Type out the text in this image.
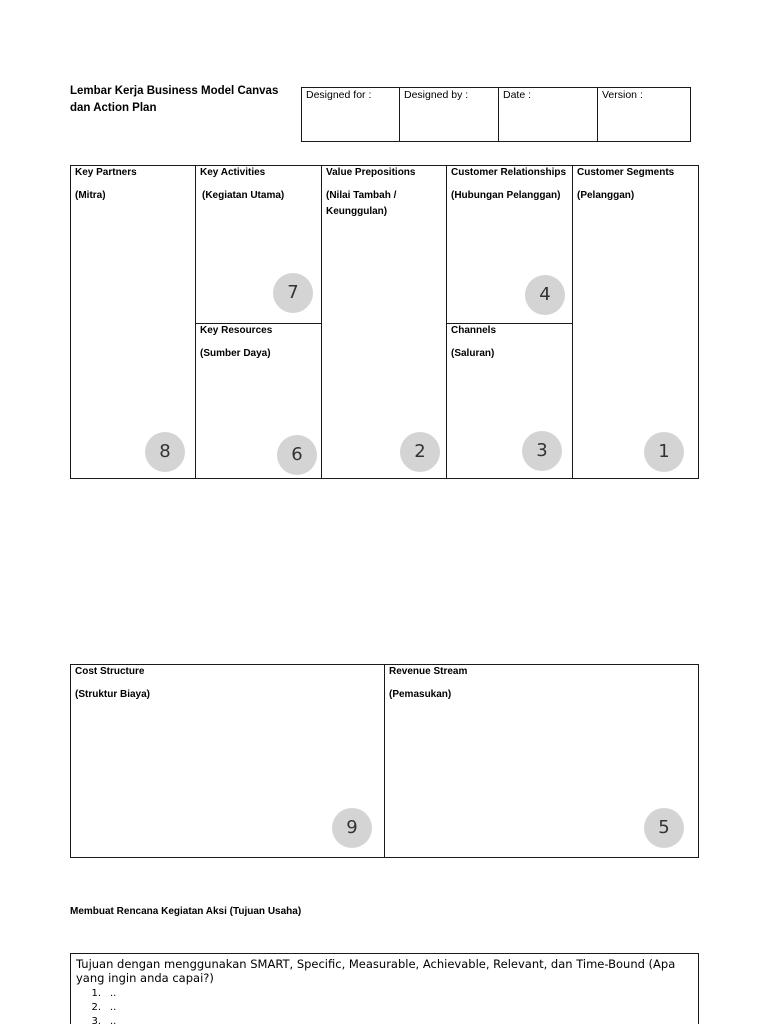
Lembar Kerja Business Model Canvas
dan Action Plan
Designed for :	Designed by :	Date :	Version :
Key Partners
(Mitra)
8
Key Activities
(Kegiatan Utama)
7
Key Resources
(Sumber Daya)
6
Value Prepositions
(Nilai Tambah / Keunggulan)
2
Customer Relationships
(Hubungan Pelanggan)
4
Channels
(Saluran)
3
Customer Segments
(Pelanggan)
1
Cost Structure
(Struktur Biaya)
9
Revenue Stream
(Pemasukan)
5
Membuat Rencana Kegiatan Aksi (Tujuan Usaha)

Tujuan dengan menggunakan SMART, Specific, Measurable, Achievable, Relevant, dan Time-Bound (Apa yang ingin anda capai?)

1. ..
2. ..
3. ..
